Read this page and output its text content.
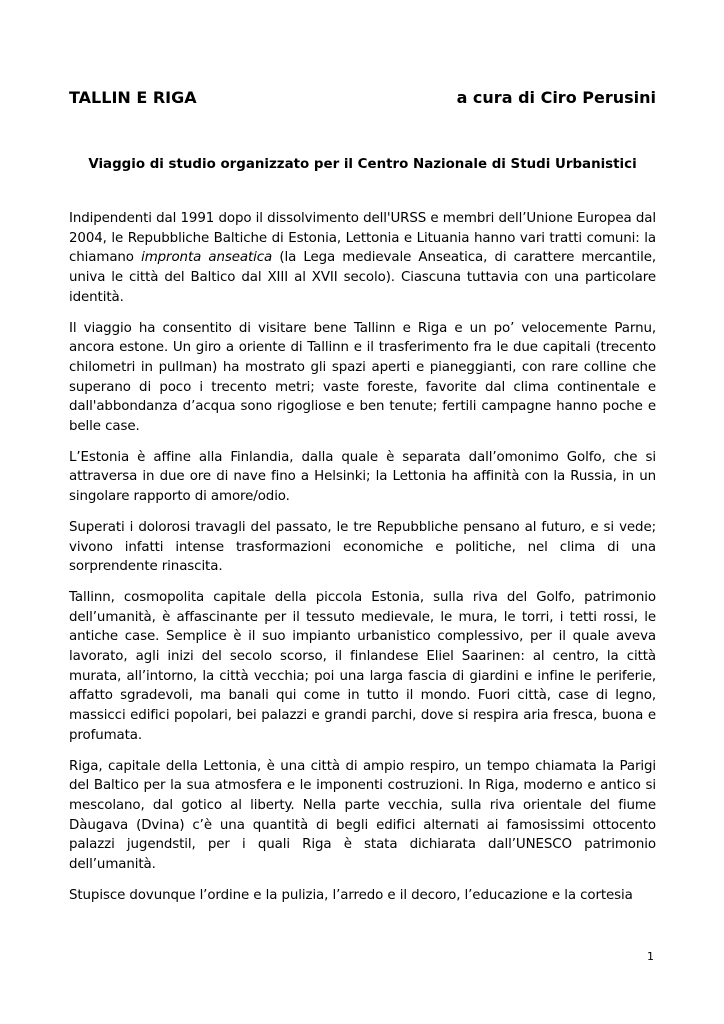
TALLIN E RIGA	a cura di Ciro Perusini
Viaggio di studio organizzato per il Centro Nazionale di Studi Urbanistici

Indipendenti dal 1991 dopo il dissolvimento dell'URSS e membri dell’Unione Europea dal 2004, le Repubbliche Baltiche di Estonia, Lettonia e Lituania hanno vari tratti comuni: la chiamano impronta anseatica (la Lega medievale Anseatica, di carattere mercantile, univa le città del Baltico dal XIII al XVII secolo). Ciascuna tuttavia con una particolare identità.

Il viaggio ha consentito di visitare bene Tallinn e Riga e un po’ velocemente Parnu, ancora estone. Un giro a oriente di Tallinn e il trasferimento fra le due capitali (trecento chilometri in pullman) ha mostrato gli spazi aperti e pianeggianti, con rare colline che superano di poco i trecento metri; vaste foreste, favorite dal clima continentale e dall'abbondanza d’acqua sono rigogliose e ben tenute; fertili campagne hanno poche e belle case.

L’Estonia è affine alla Finlandia, dalla quale è separata dall’omonimo Golfo, che si attraversa in due ore di nave fino a Helsinki; la Lettonia ha affinità con la Russia, in un singolare rapporto di amore/odio.

Superati i dolorosi travagli del passato, le tre Repubbliche pensano al futuro, e si vede; vivono infatti intense trasformazioni economiche e politiche, nel clima di una sorprendente rinascita.

Tallinn, cosmopolita capitale della piccola Estonia, sulla riva del Golfo, patrimonio dell’umanità, è affascinante per il tessuto medievale, le mura, le torri, i tetti rossi, le antiche case. Semplice è il suo impianto urbanistico complessivo, per il quale aveva lavorato, agli inizi del secolo scorso, il finlandese Eliel Saarinen: al centro, la città murata, all’intorno, la città vecchia; poi una larga fascia di giardini e infine le periferie, affatto sgradevoli, ma banali qui come in tutto il mondo. Fuori città, case di legno, massicci edifici popolari, bei palazzi e grandi parchi, dove si respira aria fresca, buona e profumata.

Riga, capitale della Lettonia, è una città di ampio respiro, un tempo chiamata la Parigi del Baltico per la sua atmosfera e le imponenti costruzioni. In Riga, moderno e antico si mescolano, dal gotico al liberty. Nella parte vecchia, sulla riva orientale del fiume Dàugava (Dvina) c’è una quantità di begli edifici alternati ai famosissimi ottocento palazzi jugendstil, per i quali Riga è stata dichiarata dall’UNESCO patrimonio dell’umanità.

Stupisce dovunque l’ordine e la pulizia, l’arredo e il decoro, l’educazione e la cortesia

1
